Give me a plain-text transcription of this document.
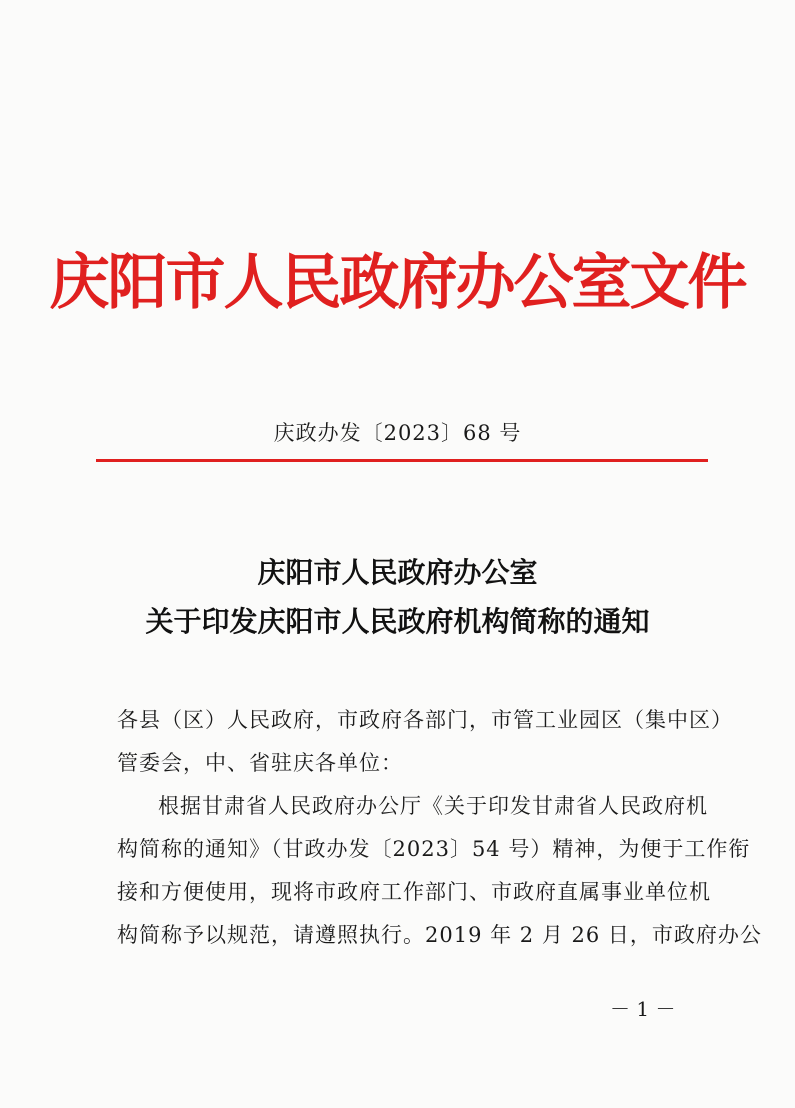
庆阳市人民政府办公室文件
庆政办发〔2023〕68 号
庆阳市人民政府办公室
关于印发庆阳市人民政府机构简称的通知
各县（区）人民政府，市政府各部门，市管工业园区（集中区）
管委会，中、省驻庆各单位：
根据甘肃省人民政府办公厅《关于印发甘肃省人民政府机
构简称的通知》（甘政办发〔2023〕54 号）精神，为便于工作衔
接和方便使用，现将市政府工作部门、市政府直属事业单位机
构简称予以规范，请遵照执行。2019 年 2 月 26 日，市政府办公
－ 1 －
